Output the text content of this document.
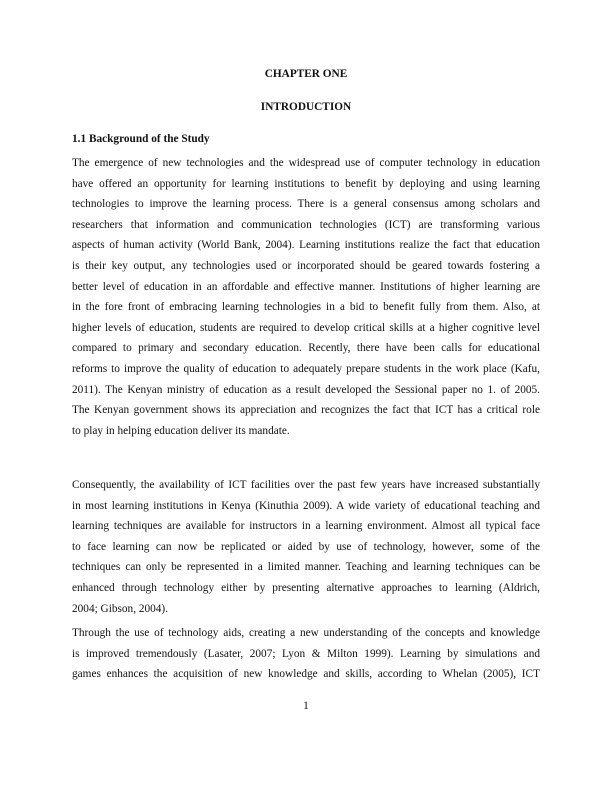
CHAPTER ONE
INTRODUCTION
1.1 Background of the Study
The emergence of new technologies and the widespread use of computer technology in education
have offered an opportunity for learning institutions to benefit by deploying and using learning
technologies to improve the learning process. There is a general consensus among scholars and
researchers that information and communication technologies (ICT) are transforming various
aspects of human activity (World Bank, 2004). Learning institutions realize the fact that education
is their key output, any technologies used or incorporated should be geared towards fostering a
better level of education in an affordable and effective manner. Institutions of higher learning are
in the fore front of embracing learning technologies in a bid to benefit fully from them. Also, at
higher levels of education, students are required to develop critical skills at a higher cognitive level
compared to primary and secondary education. Recently, there have been calls for educational
reforms to improve the quality of education to adequately prepare students in the work place (Kafu,
2011). The Kenyan ministry of education as a result developed the Sessional paper no 1. of 2005.
The Kenyan government shows its appreciation and recognizes the fact that ICT has a critical role
to play in helping education deliver its mandate.
Consequently, the availability of ICT facilities over the past few years have increased substantially
in most learning institutions in Kenya (Kinuthia 2009). A wide variety of educational teaching and
learning techniques are available for instructors in a learning environment. Almost all typical face
to face learning can now be replicated or aided by use of technology, however, some of the
techniques can only be represented in a limited manner. Teaching and learning techniques can be
enhanced through technology either by presenting alternative approaches to learning (Aldrich,
2004; Gibson, 2004).
Through the use of technology aids, creating a new understanding of the concepts and knowledge
is improved tremendously (Lasater, 2007; Lyon & Milton 1999). Learning by simulations and
games enhances the acquisition of new knowledge and skills, according to Whelan (2005), ICT
1
